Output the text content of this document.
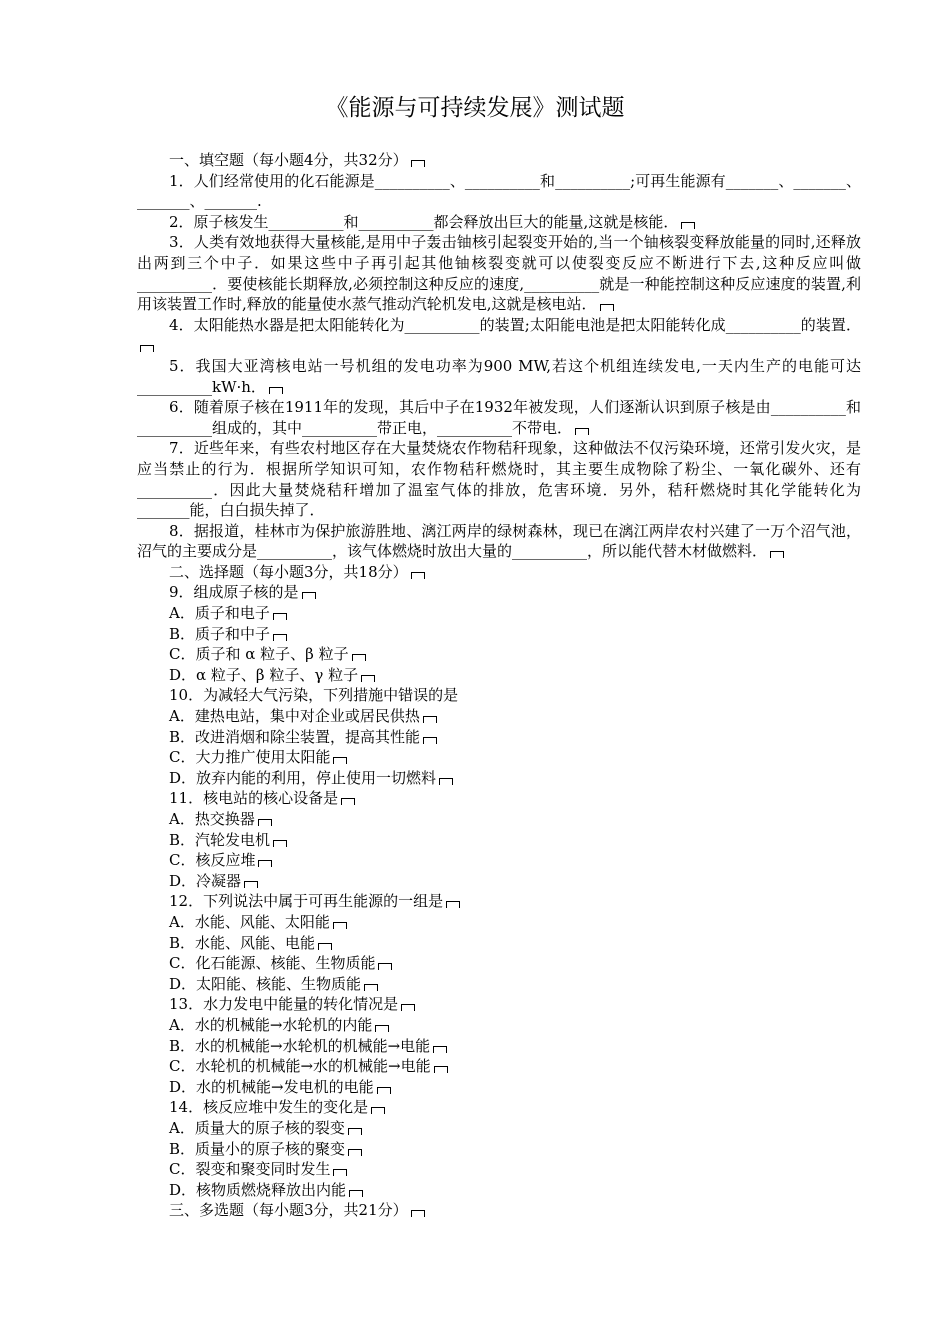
《能源与可持续发展》测试题

一、填空题（每小题4分，共32分）

1．人们经常使用的化石能源是__________、__________和__________;可再生能源有_______、_______、_______、_______.

2．原子核发生__________和__________都会释放出巨大的能量,这就是核能．

3．人类有效地获得大量核能,是用中子轰击铀核引起裂变开始的,当一个铀核裂变释放能量的同时,还释放出两到三个中子．如果这些中子再引起其他铀核裂变就可以使裂变反应不断进行下去,这种反应叫做__________．要使核能长期释放,必须控制这种反应的速度,__________就是一种能控制这种反应速度的装置,利用该装置工作时,释放的能量使水蒸气推动汽轮机发电,这就是核电站．

4．太阳能热水器是把太阳能转化为__________的装置;太阳能电池是把太阳能转化成__________的装置．

5．我国大亚湾核电站一号机组的发电功率为900 MW,若这个机组连续发电,一天内生产的电能可达__________kW·h．

6．随着原子核在1911年的发现，其后中子在1932年被发现，人们逐渐认识到原子核是由__________和__________组成的，其中__________带正电，__________不带电．

7．近些年来，有些农村地区存在大量焚烧农作物秸秆现象，这种做法不仅污染环境，还常引发火灾，是应当禁止的行为．根据所学知识可知，农作物秸秆燃烧时，其主要生成物除了粉尘、一氧化碳外、还有__________．因此大量焚烧秸秆增加了温室气体的排放，危害环境．另外，秸秆燃烧时其化学能转化为_______能，白白损失掉了．

8．据报道，桂林市为保护旅游胜地、漓江两岸的绿树森林，现已在漓江两岸农村兴建了一万个沼气池，沼气的主要成分是__________，该气体燃烧时放出大量的__________，所以能代替木材做燃料．

二、选择题（每小题3分，共18分）

9．组成原子核的是

A．质子和电子

B．质子和中子

C．质子和 α 粒子、β 粒子

D．α 粒子、β 粒子、γ 粒子

10．为减轻大气污染，下列措施中错误的是

A．建热电站，集中对企业或居民供热

B．改进消烟和除尘装置，提高其性能

C．大力推广使用太阳能

D．放弃内能的利用，停止使用一切燃料

11．核电站的核心设备是

A．热交换器

B．汽轮发电机

C．核反应堆

D．冷凝器

12．下列说法中属于可再生能源的一组是

A．水能、风能、太阳能

B．水能、风能、电能

C．化石能源、核能、生物质能

D．太阳能、核能、生物质能

13．水力发电中能量的转化情况是

A．水的机械能→水轮机的内能

B．水的机械能→水轮机的机械能→电能

C．水轮机的机械能→水的机械能→电能

D．水的机械能→发电机的电能

14．核反应堆中发生的变化是

A．质量大的原子核的裂变

B．质量小的原子核的聚变

C．裂变和聚变同时发生

D．核物质燃烧释放出内能

三、多选题（每小题3分，共21分）
